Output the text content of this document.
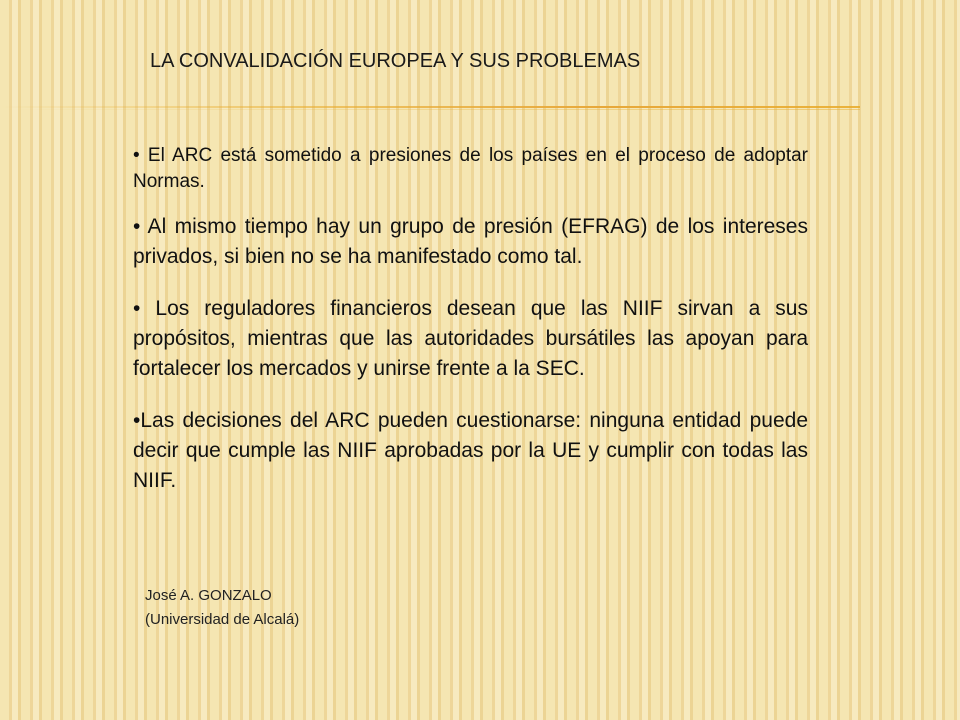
LA CONVALIDACIÓN EUROPEA Y SUS PROBLEMAS

• El ARC está sometido a presiones de los países en el proceso de adoptar Normas.

• Al mismo tiempo hay un grupo de presión (EFRAG) de los intereses privados, si bien no se ha manifestado como tal.

• Los reguladores financieros desean que las NIIF sirvan a sus propósitos, mientras que las autoridades bursátiles las apoyan para fortalecer los mercados y unirse frente a la SEC.

•Las decisiones del ARC pueden cuestionarse: ninguna entidad puede decir que cumple las NIIF aprobadas por la UE y cumplir con todas las NIIF.

José A. GONZALO
(Universidad de Alcalá)
